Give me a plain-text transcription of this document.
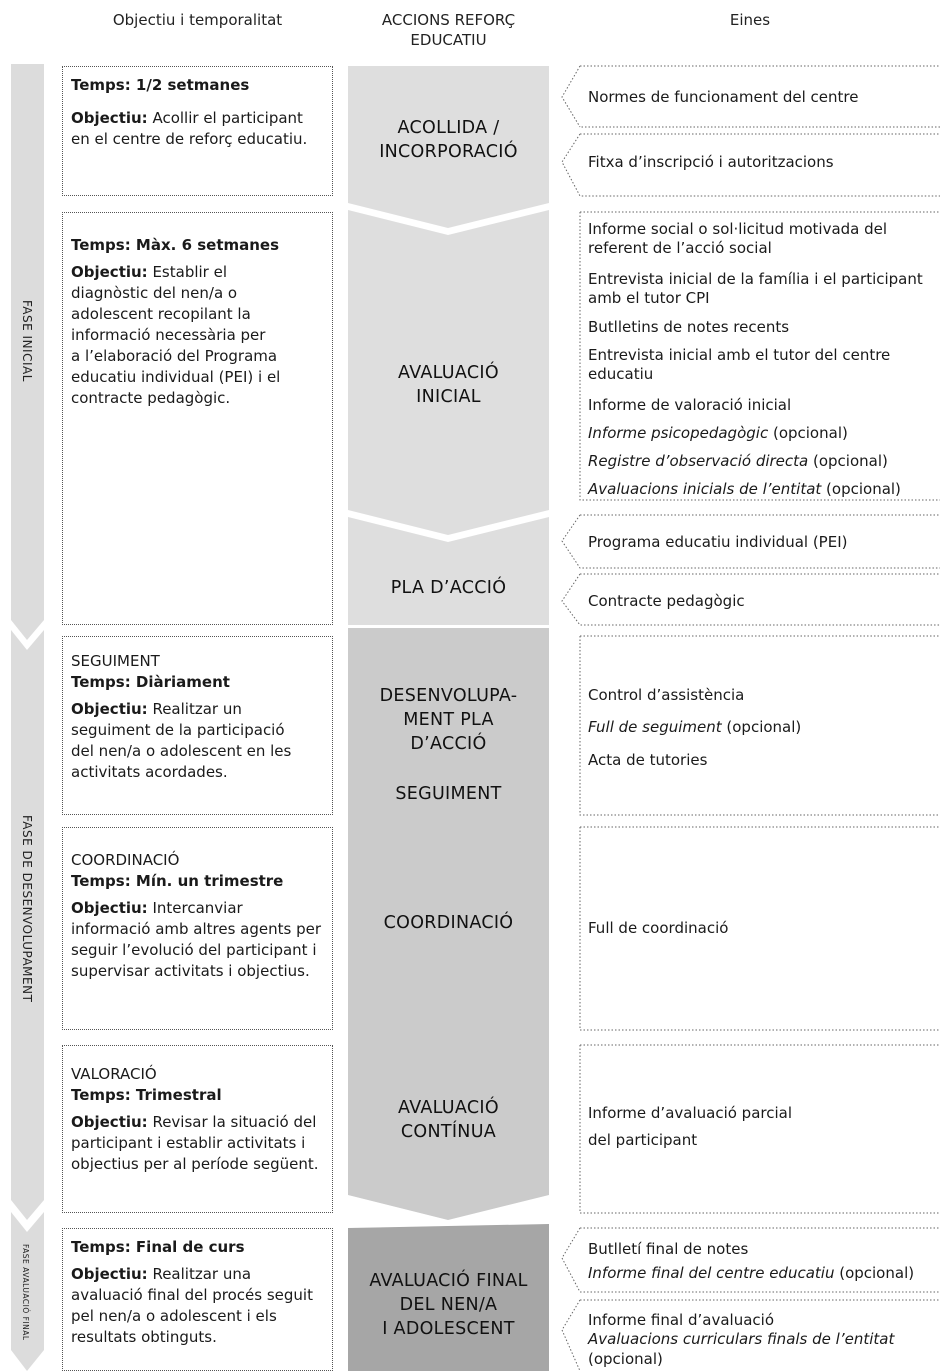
Objectiu i temporalitat	ACCIONS REFORÇ
EDUCATIU
Eines
FASE INICIAL
FASE DE DESENVOLUPAMENT
FASE AVALUACIÓ FINAL

Temps: 1/2 setmanes

Objectiu: Acollir el participant

en el centre de reforç educatiu.

Temps: Màx. 6 setmanes

Objectiu: Establir el

diagnòstic del nen/a o

adolescent recopilant la

informació necessària per

a l’elaboració del Programa

educatiu individual (PEI) i el

contracte pedagògic.

SEGUIMENT

Temps: Diàriament

Objectiu: Realitzar un

seguiment de la participació

del nen/a o adolescent en les

activitats acordades.

COORDINACIÓ

Temps: Mín. un trimestre

Objectiu: Intercanviar

informació amb altres agents per

seguir l’evolució del participant i

supervisar activitats i objectius.

VALORACIÓ

Temps: Trimestral

Objectiu: Revisar la situació del

participant i establir activitats i

objectius per al període següent.

Temps: Final de curs

Objectiu: Realitzar una

avaluació final del procés seguit

pel nen/a o adolescent i els

resultats obtinguts.

ACOLLIDA /
INCORPORACIÓ
AVALUACIÓ
INICIAL
PLA D’ACCIÓ
DESENVOLUPA-
MENT PLA
D’ACCIÓ
SEGUIMENT
COORDINACIÓ
AVALUACIÓ
CONTÍNUA
AVALUACIÓ FINAL
DEL NEN/A
I ADOLESCENT
Normes de funcionament del centre
Fitxa d’inscripció i autoritzacions
Informe social o sol·licitud motivada del
referent de l’acció social
Entrevista inicial de la família i el participant
amb el tutor CPI
Butlletins de notes recents
Entrevista inicial amb el tutor del centre
educatiu
Informe de valoració inicial
Informe psicopedagògic (opcional)
Registre d’observació directa (opcional)
Avaluacions inicials de l’entitat (opcional)
Programa educatiu individual (PEI)
Contracte pedagògic
Control d’assistència
Full de seguiment (opcional)
Acta de tutories
Full de coordinació
Informe d’avaluació parcial
del participant
Butlletí final de notes
Informe final del centre educatiu (opcional)
Informe final d’avaluació
Avaluacions curriculars finals de l’entitat
(opcional)
